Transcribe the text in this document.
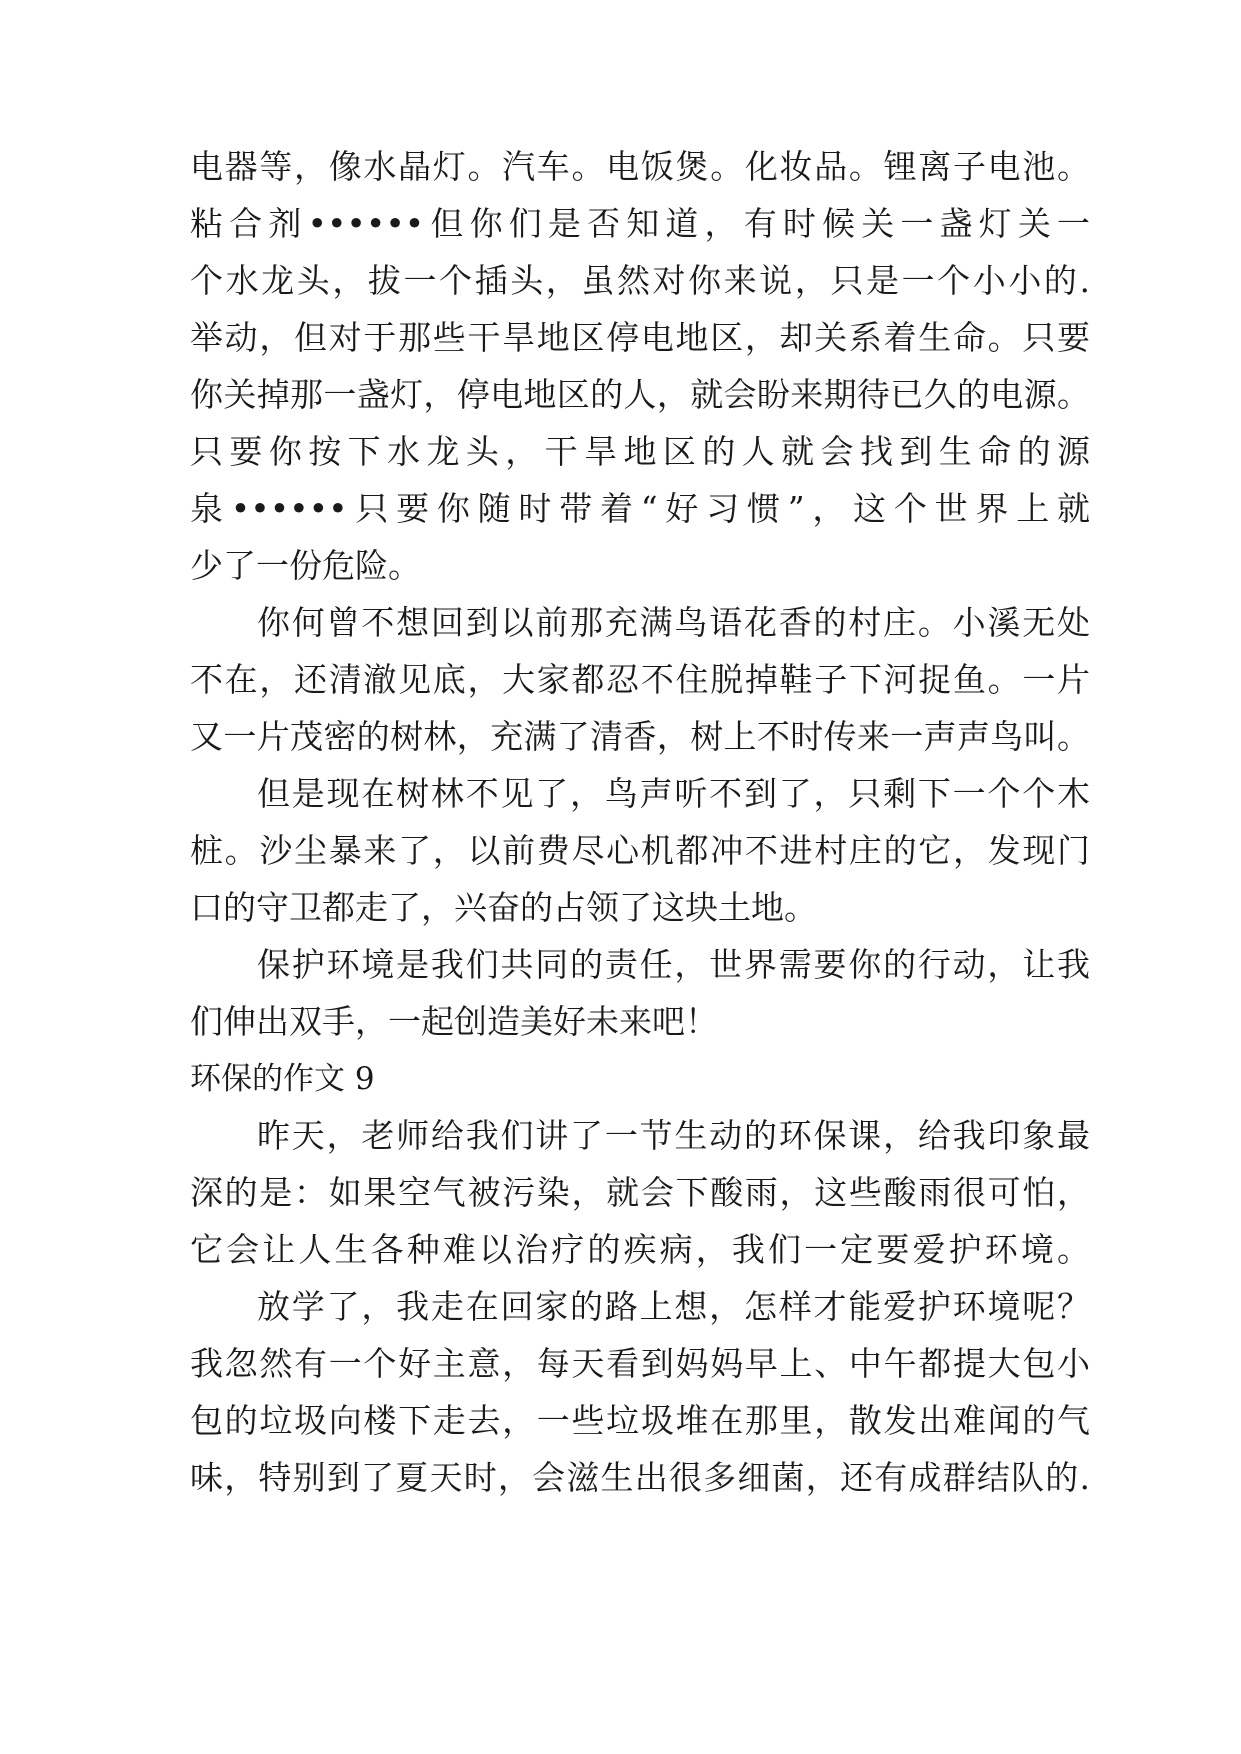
电器等，像水晶灯。汽车。电饭煲。化妆品。锂离子电池。
粘合剂••••••但你们是否知道，有时候关一盏灯关一
个水龙头，拔一个插头，虽然对你来说，只是一个小小的.
举动，但对于那些干旱地区停电地区，却关系着生命。只要
你关掉那一盏灯，停电地区的人，就会盼来期待已久的电源。
只要你按下水龙头，干旱地区的人就会找到生命的源
泉••••••只要你随时带着“好习惯”，这个世界上就
少了一份危险。
你何曾不想回到以前那充满鸟语花香的村庄。小溪无处
不在，还清澈见底，大家都忍不住脱掉鞋子下河捉鱼。一片
又一片茂密的树林，充满了清香，树上不时传来一声声鸟叫。
但是现在树林不见了，鸟声听不到了，只剩下一个个木
桩。沙尘暴来了，以前费尽心机都冲不进村庄的它，发现门
口的守卫都走了，兴奋的占领了这块土地。
保护环境是我们共同的责任，世界需要你的行动，让我
们伸出双手，一起创造美好未来吧！
环保的作文 9
昨天，老师给我们讲了一节生动的环保课，给我印象最
深的是：如果空气被污染，就会下酸雨，这些酸雨很可怕，
它会让人生各种难以治疗的疾病，我们一定要爱护环境。
放学了，我走在回家的路上想，怎样才能爱护环境呢？
我忽然有一个好主意，每天看到妈妈早上、中午都提大包小
包的垃圾向楼下走去，一些垃圾堆在那里，散发出难闻的气
味，特别到了夏天时，会滋生出很多细菌，还有成群结队的.
